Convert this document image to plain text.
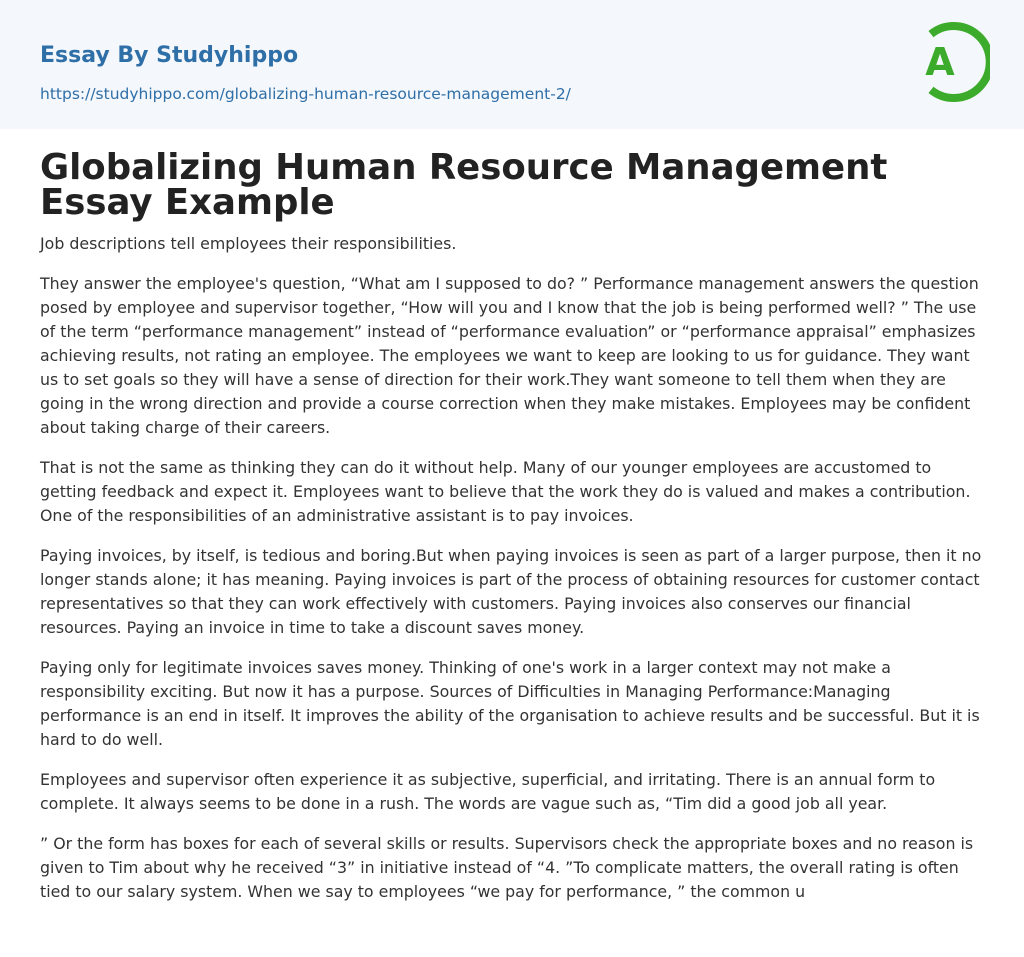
Essay By Studyhippo
https://studyhippo.com/globalizing-human-resource-management-2/
A
Globalizing Human Resource Management Essay Example

Job descriptions tell employees their responsibilities.

They answer the employee's question, “What am I supposed to do? ” Performance management answers the question posed by employee and supervisor together, “How will you and I know that the job is being performed well? ” The use of the term “performance management” instead of “performance evaluation” or “performance appraisal” emphasizes achieving results, not rating an employee. The employees we want to keep are looking to us for guidance. They want us to set goals so they will have a sense of direction for their work.They want someone to tell them when they are going in the wrong direction and provide a course correction when they make mistakes. Employees may be confident about taking charge of their careers.

That is not the same as thinking they can do it without help. Many of our younger employees are accustomed to getting feedback and expect it. Employees want to believe that the work they do is valued and makes a contribution. One of the responsibilities of an administrative assistant is to pay invoices.

Paying invoices, by itself, is tedious and boring.But when paying invoices is seen as part of a larger purpose, then it no longer stands alone; it has meaning. Paying invoices is part of the process of obtaining resources for customer contact representatives so that they can work effectively with customers. Paying invoices also conserves our financial resources. Paying an invoice in time to take a discount saves money.

Paying only for legitimate invoices saves money. Thinking of one's work in a larger context may not make a responsibility exciting. But now it has a purpose. Sources of Difficulties in Managing Performance:Managing performance is an end in itself. It improves the ability of the organisation to achieve results and be successful. But it is hard to do well.

Employees and supervisor often experience it as subjective, superficial, and irritating. There is an annual form to complete. It always seems to be done in a rush. The words are vague such as, “Tim did a good job all year.

” Or the form has boxes for each of several skills or results. Supervisors check the appropriate boxes and no reason is given to Tim about why he received “3” in initiative instead of “4. ”To complicate matters, the overall rating is often tied to our salary system. When we say to employees “we pay for performance, ” the common u
